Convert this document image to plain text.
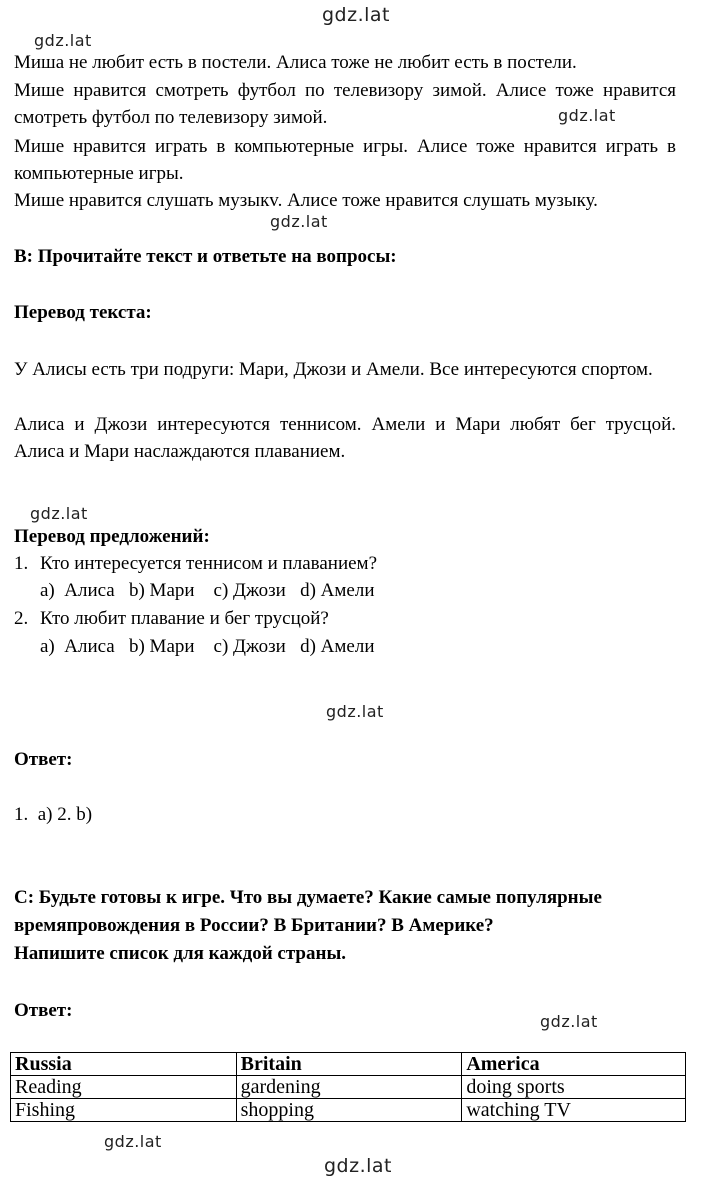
gdz.lat
gdz.lat
gdz.lat
gdz.lat
gdz.lat
gdz.lat
gdz.lat
gdz.lat
gdz.lat
Миша не любит есть в постели. Алиса тоже не любит есть в постели.
Мише нравится смотреть футбол по телевизору зимой. Алисе тоже нравится смотреть футбол по телевизору зимой.
Мише нравится играть в компьютерные игры. Алисе тоже нравится играть в компьютерные игры.
Мише нравится слушать музыкv. Алисе тоже нравится слушать музыку.
В: Прочитайте текст и ответьте на вопросы:
Перевод текста:
У Алисы есть три подруги: Мари, Джози и Амели. Все интересуются спортом.
Алиса и Джози интересуются теннисом. Амели и Мари любят бег трусцой. Алиса и Мари наслаждаются плаванием.
Перевод предложений:
1. Кто интересуется теннисом и плаванием?
a)  Алиса   b) Мари    c) Джози   d) Амели
2. Кто любит плавание и бег трусцой?
a)  Алиса   b) Мари    c) Джози   d) Амели
Ответ:
1.  a) 2. b)
С: Будьте готовы к игре. Что вы думаете? Какие самые популярные
времяпровождения в России? В Британии? В Америке?
Напишите список для каждой страны.
Ответ:
Russia	Britain	America
Reading	gardening	doing sports
Fishing	shopping	watching TV
